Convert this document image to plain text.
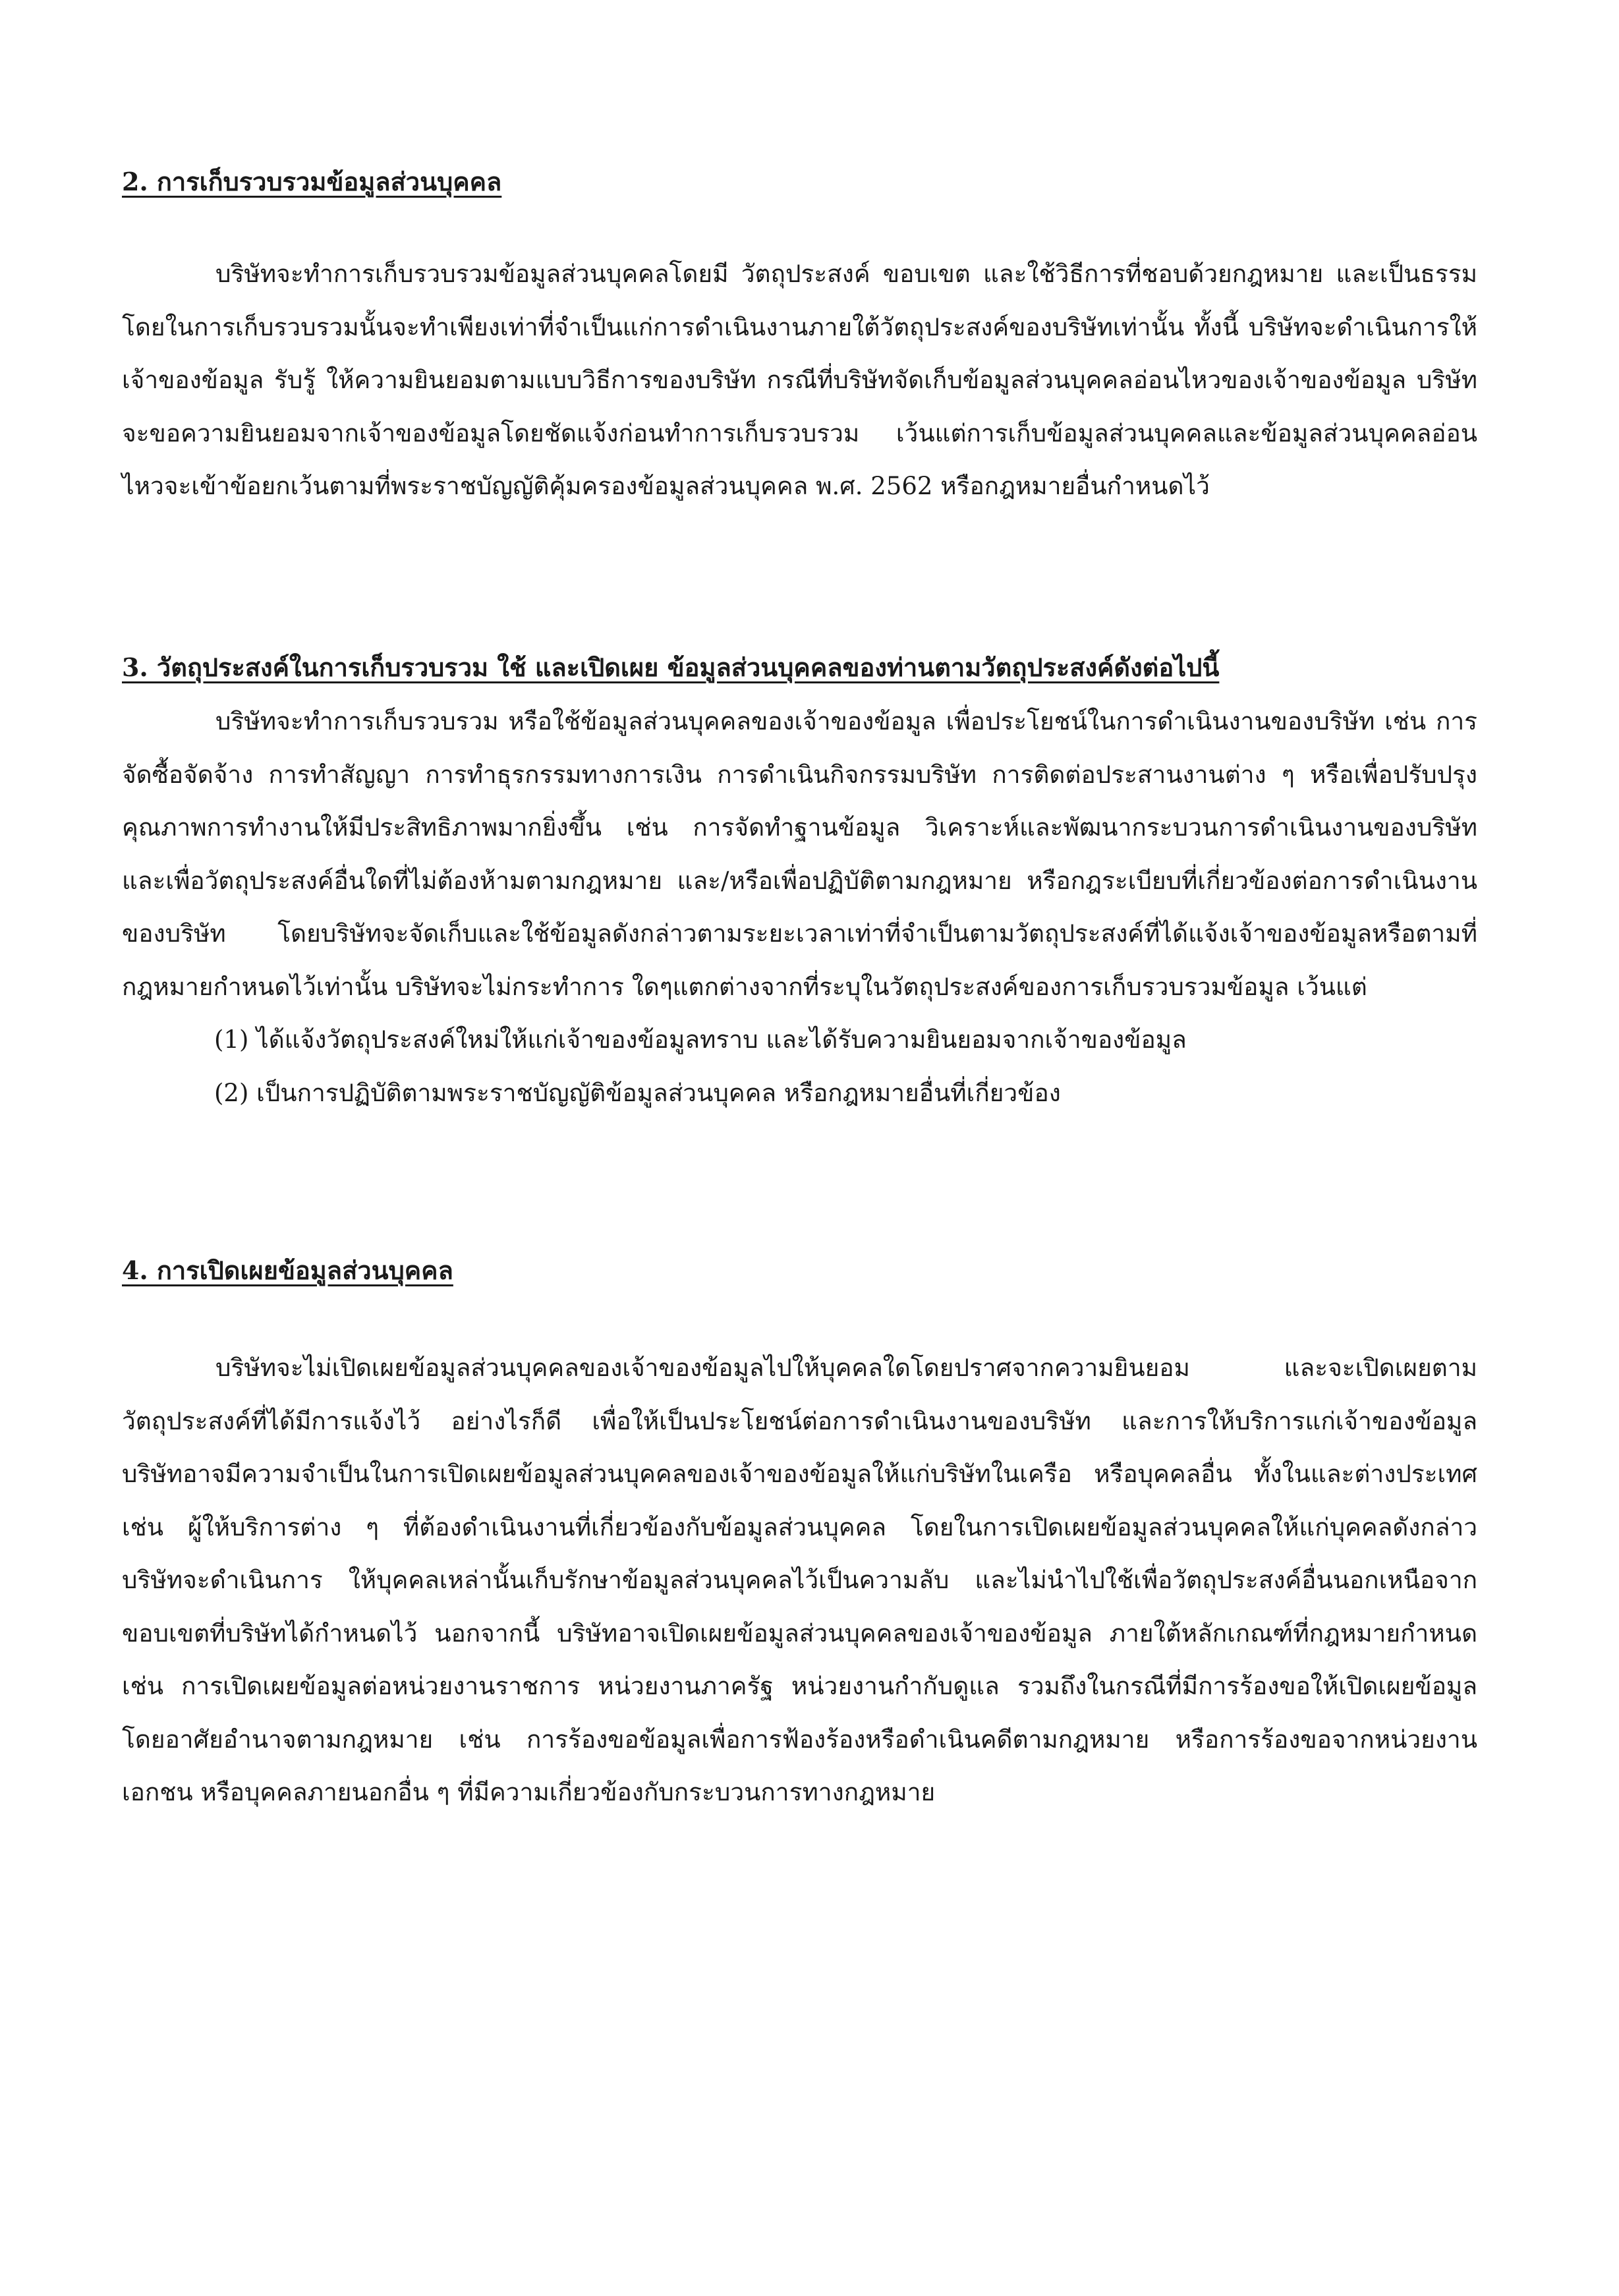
2. การเก็บรวบรวมข้อมูลส่วนบุคคล

บริษัทจะทำการเก็บรวบรวมข้อมูลส่วนบุคคลโดยมี วัตถุประสงค์ ขอบเขต และใช้วิธีการที่ชอบด้วยกฎหมาย และเป็นธรรม โดยในการเก็บรวบรวมนั้นจะทำเพียงเท่าที่จำเป็นแก่การดำเนินงานภายใต้วัตถุประสงค์ของบริษัทเท่านั้น ทั้งนี้ บริษัทจะดำเนินการให้เจ้าของข้อมูล รับรู้ ให้ความยินยอมตามแบบวิธีการของบริษัท กรณีที่บริษัทจัดเก็บข้อมูลส่วนบุคคลอ่อนไหวของเจ้าของข้อมูล บริษัทจะขอความยินยอมจากเจ้าของข้อมูลโดยชัดแจ้งก่อนทำการเก็บรวบรวม เว้นแต่การเก็บข้อมูลส่วนบุคคลและข้อมูลส่วนบุคคลอ่อนไหวจะเข้าข้อยกเว้นตามที่พระราชบัญญัติคุ้มครองข้อมูลส่วนบุคคล พ.ศ. 2562 หรือกฎหมายอื่นกำหนดไว้

3. วัตถุประสงค์ในการเก็บรวบรวม ใช้ และเปิดเผย ข้อมูลส่วนบุคคลของท่านตามวัตถุประสงค์ดังต่อไปนี้

บริษัทจะทำการเก็บรวบรวม หรือใช้ข้อมูลส่วนบุคคลของเจ้าของข้อมูล เพื่อประโยชน์ในการดำเนินงานของบริษัท เช่น การจัดซื้อจัดจ้าง การทำสัญญา การทำธุรกรรมทางการเงิน การดำเนินกิจกรรมบริษัท การติดต่อประสานงานต่าง ๆ หรือเพื่อปรับปรุงคุณภาพการทำงานให้มีประสิทธิภาพมากยิ่งขึ้น เช่น การจัดทำฐานข้อมูล วิเคราะห์และพัฒนากระบวนการดำเนินงานของบริษัท และเพื่อวัตถุประสงค์อื่นใดที่ไม่ต้องห้ามตามกฎหมาย และ/หรือเพื่อปฏิบัติตามกฎหมาย หรือกฎระเบียบที่เกี่ยวข้องต่อการดำเนินงานของบริษัท โดยบริษัทจะจัดเก็บและใช้ข้อมูลดังกล่าวตามระยะเวลาเท่าที่จำเป็นตามวัตถุประสงค์ที่ได้แจ้งเจ้าของข้อมูลหรือตามที่กฎหมายกำหนดไว้เท่านั้น บริษัทจะไม่กระทำการ ใดๆแตกต่างจากที่ระบุในวัตถุประสงค์ของการเก็บรวบรวมข้อมูล เว้นแต่

(1) ได้แจ้งวัตถุประสงค์ใหม่ให้แก่เจ้าของข้อมูลทราบ และได้รับความยินยอมจากเจ้าของข้อมูล

(2) เป็นการปฏิบัติตามพระราชบัญญัติข้อมูลส่วนบุคคล หรือกฎหมายอื่นที่เกี่ยวข้อง

4. การเปิดเผยข้อมูลส่วนบุคคล

บริษัทจะไม่เปิดเผยข้อมูลส่วนบุคคลของเจ้าของข้อมูลไปให้บุคคลใดโดยปราศจากความยินยอม และจะเปิดเผยตามวัตถุประสงค์ที่ได้มีการแจ้งไว้ อย่างไรก็ดี เพื่อให้เป็นประโยชน์ต่อการดำเนินงานของบริษัท และการให้บริการแก่เจ้าของข้อมูล บริษัทอาจมีความจำเป็นในการเปิดเผยข้อมูลส่วนบุคคลของเจ้าของข้อมูลให้แก่บริษัทในเครือ หรือบุคคลอื่น ทั้งในและต่างประเทศ เช่น ผู้ให้บริการต่าง ๆ ที่ต้องดำเนินงานที่เกี่ยวข้องกับข้อมูลส่วนบุคคล โดยในการเปิดเผยข้อมูลส่วนบุคคลให้แก่บุคคลดังกล่าว บริษัทจะดำเนินการ ให้บุคคลเหล่านั้นเก็บรักษาข้อมูลส่วนบุคคลไว้เป็นความลับ และไม่นำไปใช้เพื่อวัตถุประสงค์อื่นนอกเหนือจากขอบเขตที่บริษัทได้กำหนดไว้ นอกจากนี้ บริษัทอาจเปิดเผยข้อมูลส่วนบุคคลของเจ้าของข้อมูล ภายใต้หลักเกณฑ์ที่กฎหมายกำหนด เช่น การเปิดเผยข้อมูลต่อหน่วยงานราชการ หน่วยงานภาครัฐ หน่วยงานกำกับดูแล รวมถึงในกรณีที่มีการร้องขอให้เปิดเผยข้อมูลโดยอาศัยอำนาจตามกฎหมาย เช่น การร้องขอข้อมูลเพื่อการฟ้องร้องหรือดำเนินคดีตามกฎหมาย หรือการร้องขอจากหน่วยงานเอกชน หรือบุคคลภายนอกอื่น ๆ ที่มีความเกี่ยวข้องกับกระบวนการทางกฎหมาย
